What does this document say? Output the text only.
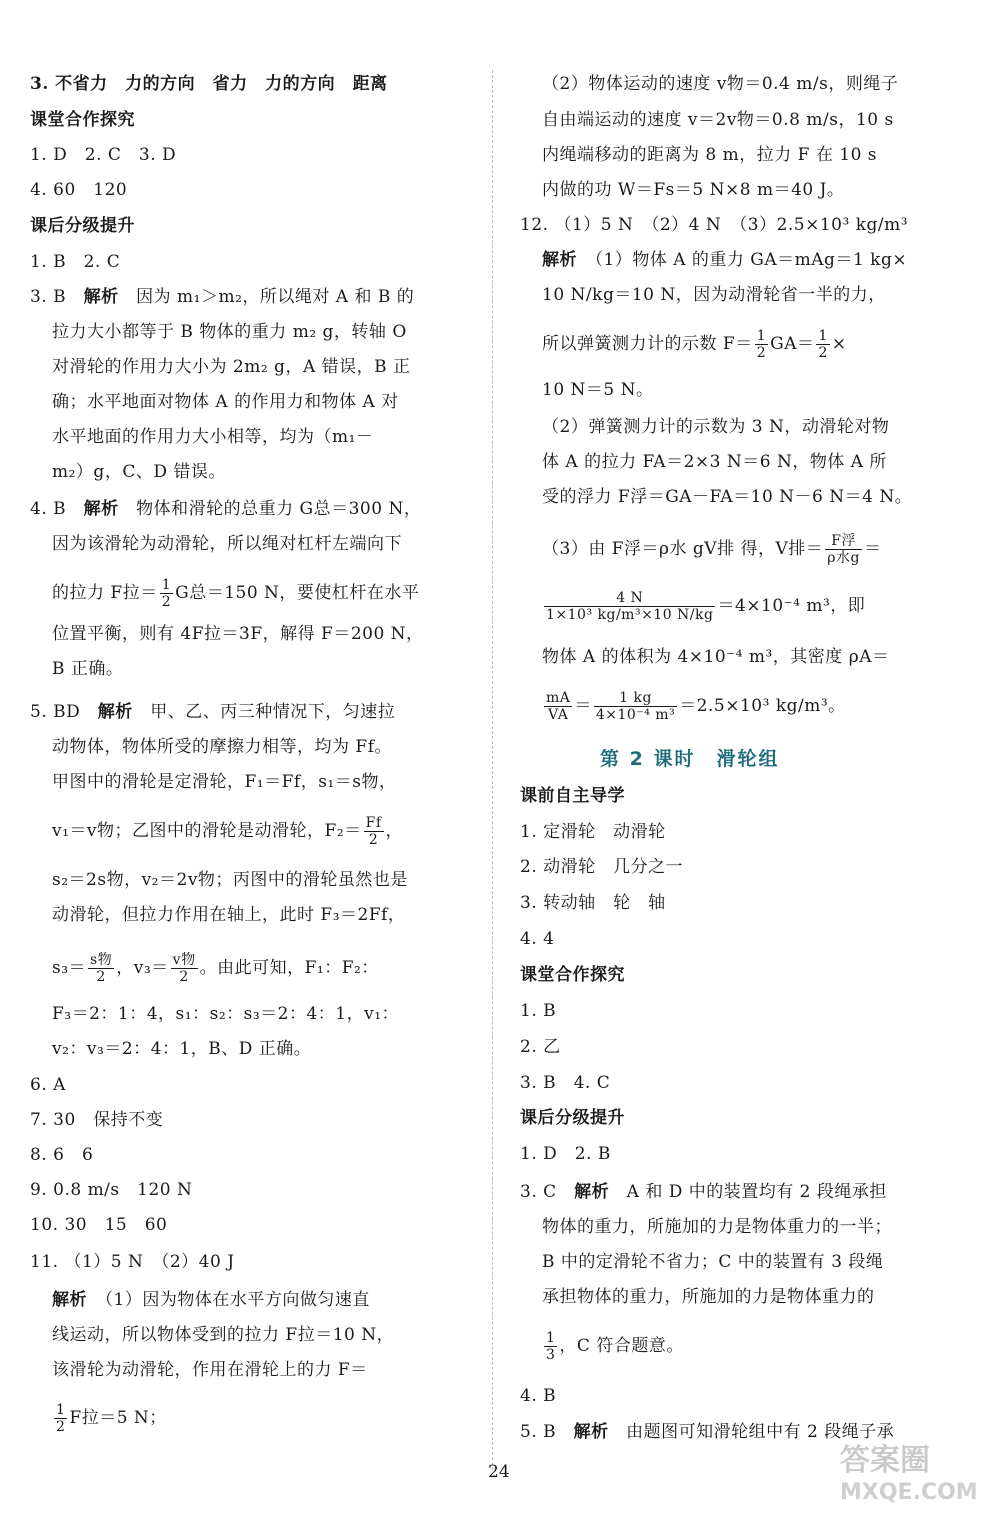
3. 不省力　力的方向　省力　力的方向　距离
课堂合作探究
1. D　2. C　3. D
4. 60　120
课后分级提升
1. B　2. C
3. B　 解析　 因为 m₁＞m₂，所以绳对 A 和 B 的
拉力大小都等于 B 物体的重力 m₂ g，转轴 O
对滑轮的作用力大小为 2m₂ g，A 错误，B 正
确；水平地面对物体 A 的作用力和物体 A 对
水平地面的作用力大小相等，均为（m₁－
m₂）g，C、D 错误。
4. B　 解析　 物体和滑轮的总重力 G总＝300 N，
因为该滑轮为动滑轮，所以绳对杠杆左端向下
的拉力 F拉＝ $\frac{1}{2}$ G总＝150 N，要使杠杆在水平
位置平衡，则有 4F拉＝3F，解得 F＝200 N，
B 正确。
5. BD　 解析　 甲、乙、丙三种情况下，匀速拉
动物体，物体所受的摩擦力相等，均为 Ff。
甲图中的滑轮是定滑轮，F₁＝Ff，s₁＝s物，
v₁＝v物；乙图中的滑轮是动滑轮，$F_2= \frac{Ff}{2}$ ，
s₂＝2s物，v₂＝2v物；丙图中的滑轮虽然也是
动滑轮，但拉力作用在轴上，此时 F₃＝2Ff，
$s_3= \frac{\text{s物}}{2}$ ，$v_3= \frac{\text{v物}}{2}$ 。由此可知，F₁：F₂：
F₃＝2：1：4，s₁：s₂：s₃＝2：4：1，v₁：
v₂：v₃＝2：4：1，B、D 正确。
6. A
7. 30　保持不变
8. 6　6
9. 0.8 m/s　120 N
10. 30　15　60
11. （1）5 N　（2）40 J
解析　 （1）因为物体在水平方向做匀速直
线运动，所以物体受到的拉力 F拉＝10 N，
该滑轮为动滑轮，作用在滑轮上的力 F＝
$\frac{1}{2}$ F拉＝5 N；
（2）物体运动的速度 v物＝0.4 m/s，则绳子
自由端运动的速度 v＝2v物＝0.8 m/s，10 s
内绳端移动的距离为 8 m，拉力 F 在 10 s
内做的功 W＝Fs＝5 N×8 m＝40 J。
12. （1）5 N　（2）4 N　（3）2.5×10³ kg/m³
解析　 （1）物体 A 的重力 GA＝mAg＝1 kg×
10 N/kg＝10 N，因为动滑轮省一半的力，
所以弹簧测力计的示数 $F= \frac{1}{2} GA= \frac{1}{2}$ ×
10 N＝5 N。
（2）弹簧测力计的示数为 3 N，动滑轮对物
体 A 的拉力 FA＝2×3 N＝6 N，物体 A 所
受的浮力 F浮＝GA－FA＝10 N－6 N＝4 N。
（3）由 F浮＝ρ水 gV排 得，V排＝ $\frac{\text{F浮}}{\text{ρ水g}}$ ＝
$\frac{4 N}{\text{1×10³ kg/m³×10 N/kg}} =4\times 10^{-4}$ m³，即
物体 A 的体积为 4×10⁻⁴ m³，其密度 ρA＝
$\frac{mA}{VA} = \frac{1 kg}{\text{4×10⁻⁴ m³}} =2.5\times 10^3$ kg/m³。
第 2 课时　滑轮组
课前自主导学
1. 定滑轮　动滑轮
2. 动滑轮　几分之一
3. 转动轴　轮　轴
4. 4
课堂合作探究
1. B
2. 乙
3. B　4. C
课后分级提升
1. D　2. B
3. C　 解析　 A 和 D 中的装置均有 2 段绳承担
物体的重力，所施加的力是物体重力的一半；
B 中的定滑轮不省力；C 中的装置有 3 段绳
承担物体的重力，所施加的力是物体重力的
$\frac{1}{3}$ ，C 符合题意。
4. B
5. B　 解析　 由题图可知滑轮组中有 2 段绳子承
24	答案圈
MXQE.COM
